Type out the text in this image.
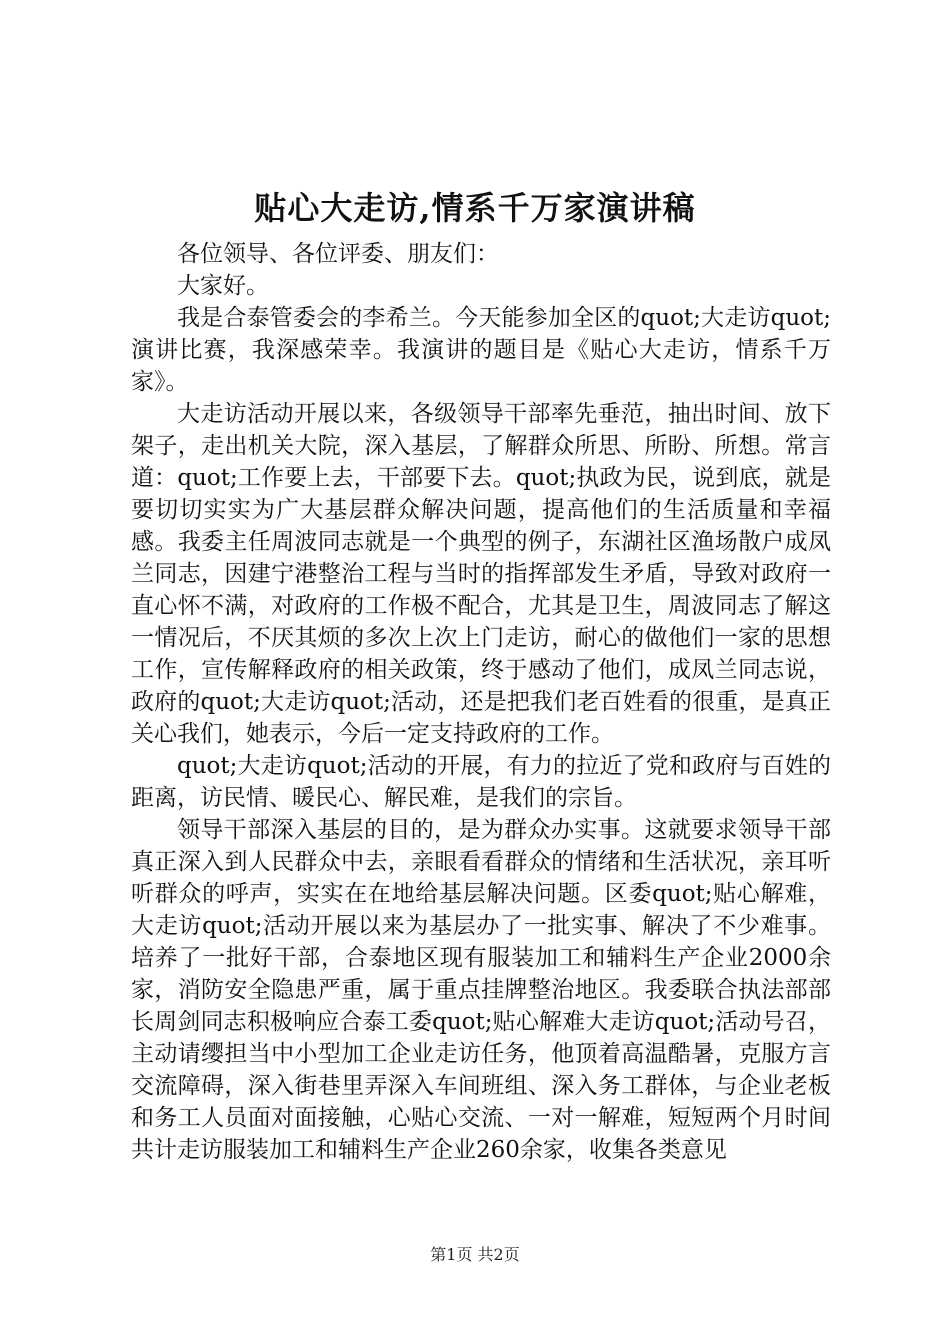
贴心大走访,情系千万家演讲稿

各位领导、各位评委、朋友们：

大家好。

我是合泰管委会的李希兰。今天能参加全区的quot;大走访quot;演讲比赛，我深感荣幸。我演讲的题目是《贴心大走访，情系千万家》。

大走访活动开展以来，各级领导干部率先垂范，抽出时间、放下架子，走出机关大院，深入基层，了解群众所思、所盼、所想。常言道：quot;工作要上去，干部要下去。quot;执政为民，说到底，就是要切切实实为广大基层群众解决问题，提高他们的生活质量和幸福感。我委主任周波同志就是一个典型的例子，东湖社区渔场散户成凤兰同志，因建宁港整治工程与当时的指挥部发生矛盾，导致对政府一直心怀不满，对政府的工作极不配合，尤其是卫生，周波同志了解这一情况后，不厌其烦的多次上次上门走访，耐心的做他们一家的思想工作，宣传解释政府的相关政策，终于感动了他们，成凤兰同志说，政府的quot;大走访quot;活动，还是把我们老百姓看的很重，是真正关心我们，她表示，今后一定支持政府的工作。

quot;大走访quot;活动的开展，有力的拉近了党和政府与百姓的距离，访民情、暖民心、解民难，是我们的宗旨。

领导干部深入基层的目的，是为群众办实事。这就要求领导干部真正深入到人民群众中去，亲眼看看群众的情绪和生活状况，亲耳听听群众的呼声，实实在在地给基层解决问题。区委quot;贴心解难，大走访quot;活动开展以来为基层办了一批实事、解决了不少难事。培养了一批好干部，合泰地区现有服装加工和辅料生产企业2000余家，消防安全隐患严重，属于重点挂牌整治地区。我委联合执法部部长周剑同志积极响应合泰工委quot;贴心解难大走访quot;活动号召，主动请缨担当中小型加工企业走访任务，他顶着高温酷暑，克服方言交流障碍，深入街巷里弄深入车间班组、深入务工群体，与企业老板和务工人员面对面接触，心贴心交流、一对一解难，短短两个月时间共计走访服装加工和辅料生产企业260余家，收集各类意见

第1页 共2页
